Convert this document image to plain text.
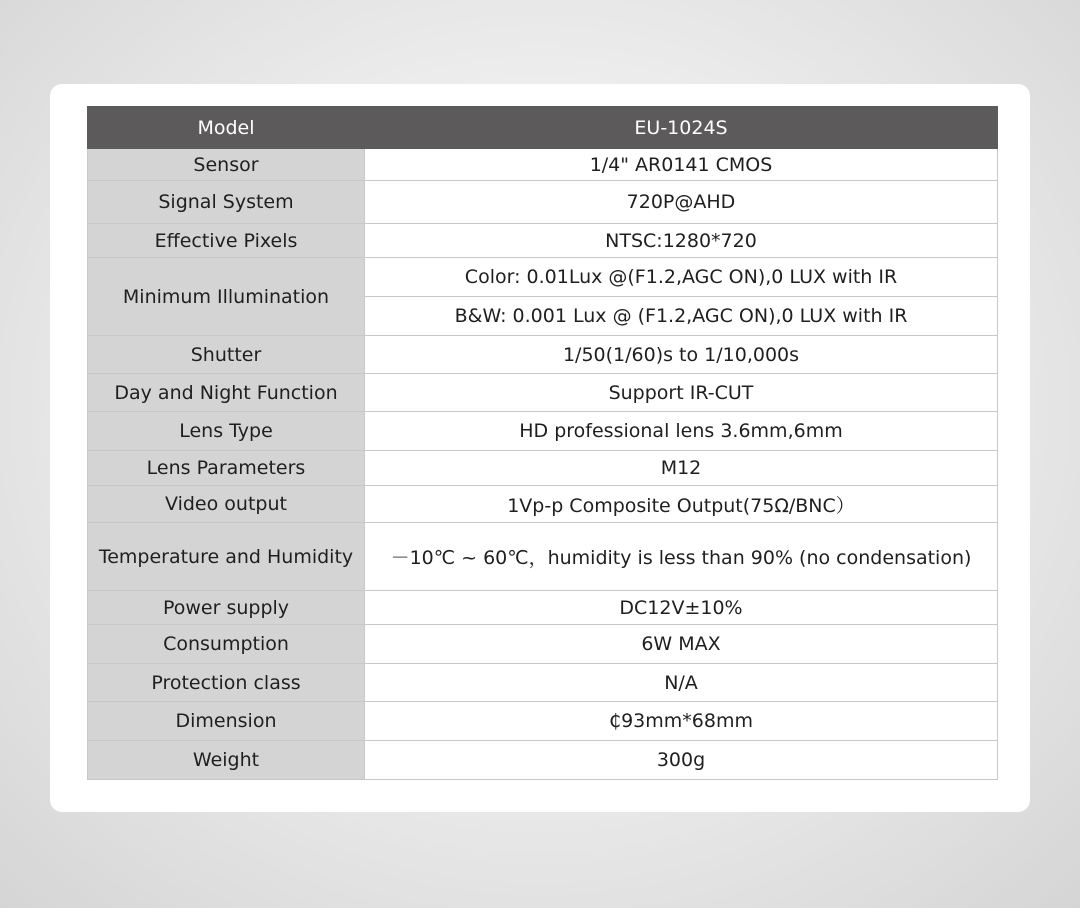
Model	EU-1024S
Sensor	1/4" AR0141 CMOS
Signal System	720P@AHD
Effective Pixels	NTSC:1280*720
Minimum Illumination	Color: 0.01Lux @(F1.2,AGC ON),0 LUX with IR
	B&W: 0.001 Lux @ (F1.2,AGC ON),0 LUX with IR
Shutter	1/50(1/60)s to 1/10,000s
Day and Night Function	Support IR-CUT
Lens Type	HD professional lens 3.6mm,6mm
Lens Parameters	M12
Video output	1Vp-p Composite Output(75Ω/BNC）
Temperature and Humidity	－10℃ ~ 60℃，humidity is less than 90% (no condensation)
Power supply	DC12V±10%
Consumption	6W MAX
Protection class	N/A
Dimension	₵93mm*68mm
Weight	300g
